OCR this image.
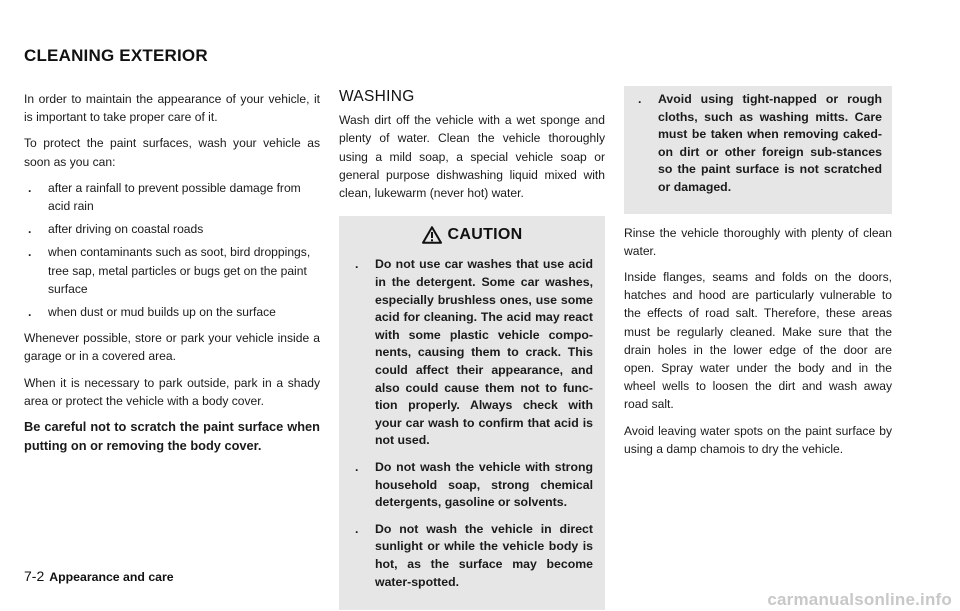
CLEANING EXTERIOR

In order to maintain the appearance of your vehicle, it is important to take proper care of it.

To protect the paint surfaces, wash your vehicle as soon as you can:

. after a rainfall to prevent possible damage from acid rain
. after driving on coastal roads
. when contaminants such as soot, bird droppings, tree sap, metal particles or bugs get on the paint surface
. when dust or mud builds up on the surface

Whenever possible, store or park your vehicle inside a garage or in a covered area.

When it is necessary to park outside, park in a shady area or protect the vehicle with a body cover.

Be careful not to scratch the paint surface when putting on or removing the body cover.

WASHING

Wash dirt off the vehicle with a wet sponge and plenty of water. Clean the vehicle thoroughly using a mild soap, a special vehicle soap or general purpose dishwashing liquid mixed with clean, lukewarm (never hot) water.

CAUTION
. Do not use car washes that use acid in the detergent. Some car washes, especially brushless ones, use some acid for cleaning. The acid may react with some plastic vehicle compo-nents, causing them to crack. This could affect their appearance, and also could cause them not to func-tion properly. Always check with your car wash to confirm that acid is not used.
. Do not wash the vehicle with strong household soap, strong chemical detergents, gasoline or solvents.
. Do not wash the vehicle in direct sunlight or while the vehicle body is hot, as the surface may become water-spotted.
. Avoid using tight-napped or rough cloths, such as washing mitts. Care must be taken when removing caked-on dirt or other foreign sub-stances so the paint surface is not scratched or damaged.

Rinse the vehicle thoroughly with plenty of clean water.

Inside flanges, seams and folds on the doors, hatches and hood are particularly vulnerable to the effects of road salt. Therefore, these areas must be regularly cleaned. Make sure that the drain holes in the lower edge of the door are open. Spray water under the body and in the wheel wells to loosen the dirt and wash away road salt.

Avoid leaving water spots on the paint surface by using a damp chamois to dry the vehicle.

7-2 Appearance and care
carmanualsonline.info
